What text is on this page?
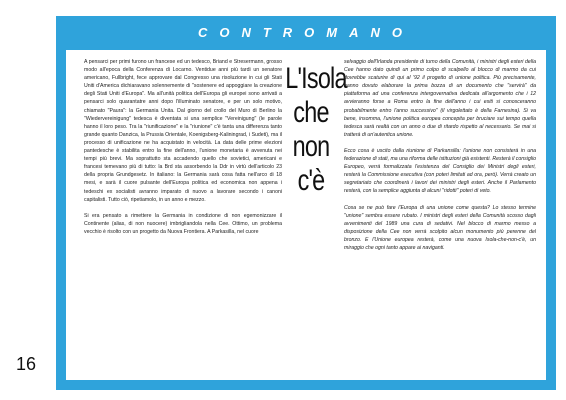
CONTROMANO

A pensarci per primi furono un francese ed un tedesco, Briand e Stresermann, grosso modo all'epoca della Conferenza di Locarno. Ventidue anni più tardi un senatore americano, Fullbright, fece approvare dal Congresso una risoluzione in cui gli Stati Uniti d'America dichiaravano solennemente di "sostenere ed appoggiare la creazione degli Stati Uniti d'Europa". Ma all'unità politica dell'Europa gli europei sono arrivati a pensarci solo quarantatre anni dopo l'illuminato senatore, e per un solo motivo, chiamato "Paura": la Germania Unita. Dal giorno del crollo del Muro di Berlino la "Wiedervereinigung" tedesca è diventata si una semplice "Vereinigung" (le parole hanno il loro peso. Tra la "riunificazione" e la "riunione" c'è tanta una differenza tanto grande quanto Danzica, la Prussia Orientale, Koenigsberg-Kaliningrad, i Sudeti), ma il processo di unificazione ne ha acquistato in velocità. La data delle prime elezioni pantedesche è stabilita entro la fine dell'anno, l'unione monetaria è avvenuta nei tempi più brevi. Ma soprattutto sta accadendo quello che sovietici, americani e francesi temevano più di tutto: la Brd sta assorbendo la Ddr in virtù dell'articolo 23 della propria Grundgesetz. In italiano: la Germania sarà cosa fatta nell'arco di 18 mesi, e sarà il cuore pulsante dell'Europa politica ed economica non appena i tedeschi ex socialisti avranno imparato di nuovo a lavorare secondo i canoni capitalisti. Tutto ciò, ripetiamolo, in un anno e mezzo.

Si era pensato a rimettere la Germania in condizione di non egemonizzare il Continente (alias, di non nuocere) imbrigliandola nella Cee. Ottimo, un problema vecchio è risolto con un progetto da Nuova Frontiera. A Parkasilla, nel cuore

L'Isola
che
non
c'è

selvaggio dell'Irlanda presidente di turno della Comunità, i ministri degli esteri della Cee hanno dato quindi un primo colpo di scalpello al blocco di marmo da cui dovrebbe scaturire di qui al '92 il progetto di unione politica. Più precisamente, hanno dovuto elaborare la prima bozza di un documento che "servirà" da piattaforma ad una conferenza intergovernativa dedicata all'argomento che i 12 avvieranno forse a Roma entro la fine dell'anno i cui esiti si conosceranno probabilmente entro l'anno successivo" (il virgolettato è della Farnesina). Si va bene, insomma, l'unione politica europea concepita per bruciare sui tempo quella tedesca sarà realtà con un anno o due di ritardo rispetto al necessario. Se mai si tratterà di un'autentica unione.

Ecco cosa è uscito dalla riunione di Parkansilla: l'unione non consisterà in una federazione di stati, ma una riforma delle istituzioni già esistenti. Resterà il consiglio Europeo, verrà formalizzata l'esistenza del Consiglio dei Ministri degli esteri, resterà la Commissione esecutiva (con poteri limitati ad ora, però). Verrà creato un segretariato che coordinerà i lavori dei ministri degli esteri. Anche il Parlamento resterà, con la semplice aggiunta di alcuni "ridotti" poteri di veto.

Cosa se ne può fare l'Europa di una unione come questa? Lo stesso termine "unione" sembra essere rubato. I ministri degli esteri della Comunità scosso dagli avvenimenti del 1989 una cura di sedativi. Nel blocco di marmo messo a disposizione della Cee non verrà scolpito alcun monumento più perenne del bronzo. E l'Unione europea resterà, come una nuova Isola-che-non-c'è, un miraggio che ogni tanto appare ai naviganti.

16
